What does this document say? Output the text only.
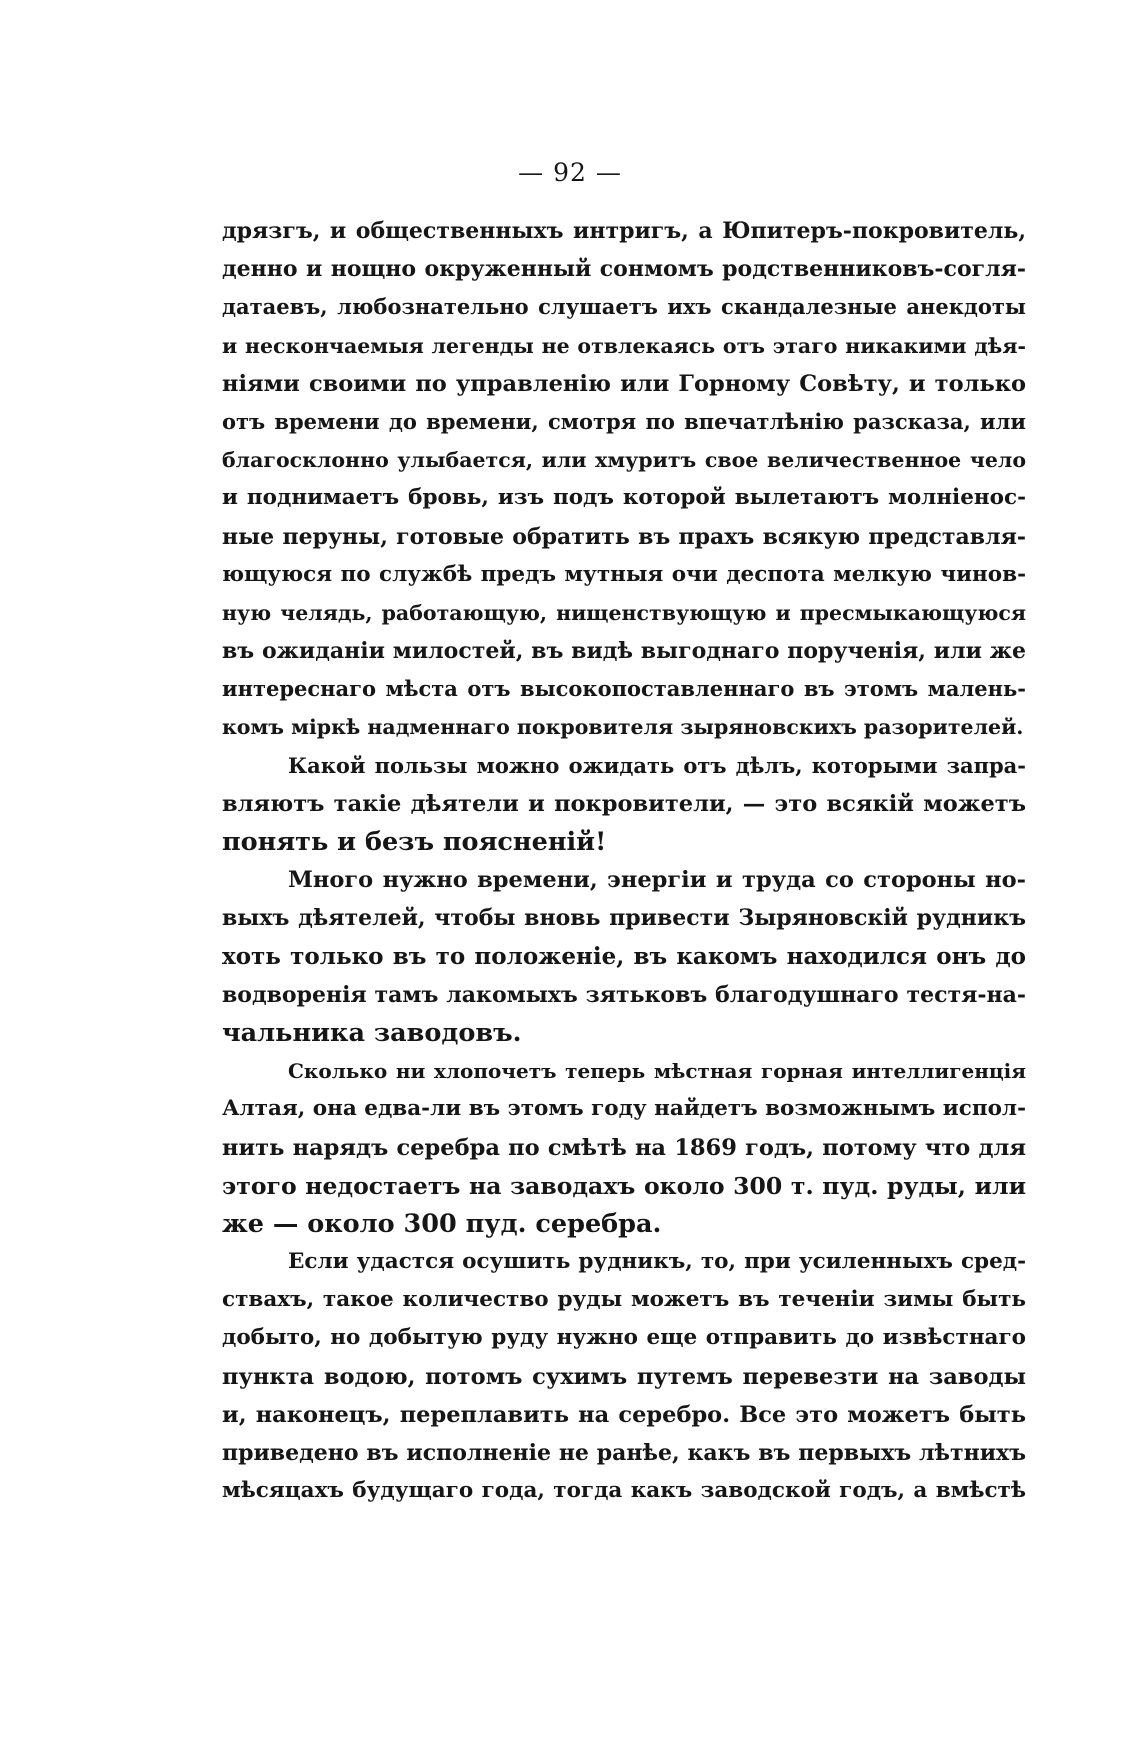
— 92 —
дрязгъ, и общественныхъ интригъ, а Юпитеръ-покровитель,
денно и нощно окруженный сонмомъ родственниковъ-согля-
датаевъ, любознательно слушаетъ ихъ скандалезные анекдоты
и нескончаемыя легенды не отвлекаясь отъ этаго никакими дѣя-
ніями своими по управленію или Горному Совѣту, и только
отъ времени до времени, смотря по впечатлѣнію разсказа, или
благосклонно улыбается, или хмуритъ свое величественное чело
и поднимаетъ бровь, изъ подъ которой вылетаютъ молніенос-
ные перуны, готовые обратить въ прахъ всякую представля-
ющуюся по службѣ предъ мутныя очи деспота мелкую чинов-
ную челядь, работающую, нищенствующую и пресмыкающуюся
въ ожиданіи милостей, въ видѣ выгоднаго порученія, или же
интереснаго мѣста отъ высокопоставленнаго въ этомъ малень-
комъ міркѣ надменнаго покровителя зыряновскихъ разорителей.
Какой пользы можно ожидать отъ дѣлъ, которыми запра-
вляютъ такіе дѣятели и покровители, — это всякій можетъ
понять и безъ поясненій!
Много нужно времени, энергіи и труда со стороны но-
выхъ дѣятелей, чтобы вновь привести Зыряновскій рудникъ
хоть только въ то положеніе, въ какомъ находился онъ до
водворенія тамъ лакомыхъ зятьковъ благодушнаго тестя-на-
чальника заводовъ.
Сколько ни хлопочетъ теперь мѣстная горная интеллигенція
Алтая, она едва-ли въ этомъ году найдетъ возможнымъ испол-
нить нарядъ серебра по смѣтѣ на 1869 годъ, потому что для
этого недостаетъ на заводахъ около 300 т. пуд. руды, или
же — около 300 пуд. серебра.
Если удастся осушить рудникъ, то, при усиленныхъ сред-
ствахъ, такое количество руды можетъ въ теченіи зимы быть
добыто, но добытую руду нужно еще отправить до извѣстнаго
пункта водою, потомъ сухимъ путемъ перевезти на заводы
и, наконецъ, переплавить на серебро. Все это можетъ быть
приведено въ исполненіе не ранѣе, какъ въ первыхъ лѣтнихъ
мѣсяцахъ будущаго года, тогда какъ заводской годъ, а вмѣстѣ
